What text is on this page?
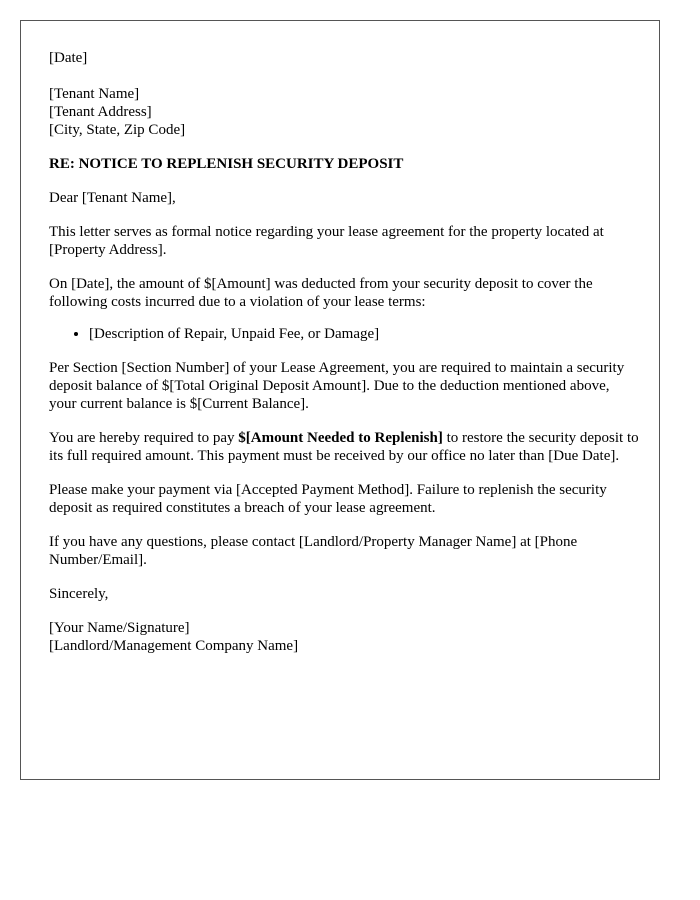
[Date]
[Tenant Name]
[Tenant Address]
[City, State, Zip Code]
RE: NOTICE TO REPLENISH SECURITY DEPOSIT

Dear [Tenant Name],

This letter serves as formal notice regarding your lease agreement for the property located at [Property Address].

On [Date], the amount of $[Amount] was deducted from your security deposit to cover the following costs incurred due to a violation of your lease terms:

• [Description of Repair, Unpaid Fee, or Damage]

Per Section [Section Number] of your Lease Agreement, you are required to maintain a security deposit balance of $[Total Original Deposit Amount]. Due to the deduction mentioned above, your current balance is $[Current Balance].

You are hereby required to pay $[Amount Needed to Replenish] to restore the security deposit to its full required amount. This payment must be received by our office no later than [Due Date].

Please make your payment via [Accepted Payment Method]. Failure to replenish the security deposit as required constitutes a breach of your lease agreement.

If you have any questions, please contact [Landlord/Property Manager Name] at [Phone Number/Email].

Sincerely,
[Your Name/Signature]
[Landlord/Management Company Name]
